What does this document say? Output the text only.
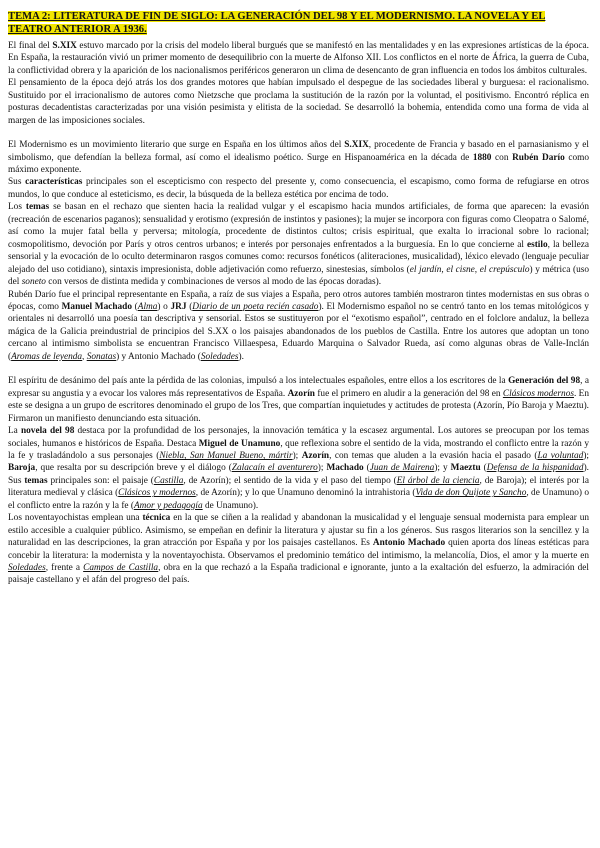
TEMA 2: LITERATURA DE FIN DE SIGLO: LA GENERACIÓN DEL 98 Y EL MODERNISMO. LA NOVELA Y EL TEATRO ANTERIOR A 1936.

El final del S.XIX estuvo marcado por la crisis del modelo liberal burgués que se manifestó en las mentalidades y en las expresiones artísticas de la época. En España, la restauración vivió un primer momento de desequilibrio con la muerte de Alfonso XII. Los conflictos en el norte de África, la guerra de Cuba, la conflictividad obrera y la aparición de los nacionalismos periféricos generaron un clima de desencanto de gran influencia en todos los ámbitos culturales.

El pensamiento de la época dejó atrás los dos grandes motores que habían impulsado el despegue de las sociedades liberal y burguesa: el racionalismo. Sustituido por el irracionalismo de autores como Nietzsche que proclama la sustitución de la razón por la voluntad, el positivismo. Encontró réplica en posturas decadentistas caracterizadas por una visión pesimista y elitista de la sociedad. Se desarrolló la bohemia, entendida como una forma de vida al margen de las imposiciones sociales.

El Modernismo es un movimiento literario que surge en España en los últimos años del S.XIX, procedente de Francia y basado en el parnasianismo y el simbolismo, que defendían la belleza formal, así como el idealismo poético. Surge en Hispanoamérica en la década de 1880 con Rubén Darío como máximo exponente.

Sus características principales son el escepticismo con respecto del presente y, como consecuencia, el escapismo, como forma de refugiarse en otros mundos, lo que conduce al esteticismo, es decir, la búsqueda de la belleza estética por encima de todo.

Los temas se basan en el rechazo que sienten hacia la realidad vulgar y el escapismo hacia mundos artificiales, de forma que aparecen: la evasión (recreación de escenarios paganos); sensualidad y erotismo (expresión de instintos y pasiones); la mujer se incorpora con figuras como Cleopatra o Salomé, así como la mujer fatal bella y perversa; mitología, procedente de distintos cultos; crisis espiritual, que exalta lo irracional sobre lo racional; cosmopolitismo, devoción por París y otros centros urbanos; e interés por personajes enfrentados a la burguesía. En lo que concierne al estilo, la belleza sensorial y la evocación de lo oculto determinaron rasgos comunes como: recursos fonéticos (aliteraciones, musicalidad), léxico elevado (lenguaje peculiar alejado del uso cotidiano), sintaxis impresionista, doble adjetivación como refuerzo, sinestesias, símbolos (el jardín, el cisne, el crepúsculo) y métrica (uso del soneto con versos de distinta medida y combinaciones de versos al modo de las épocas doradas).

Rubén Darío fue el principal representante en España, a raíz de sus viajes a España, pero otros autores también mostraron tintes modernistas en sus obras o épocas, como Manuel Machado (Alma) o JRJ (Diario de un poeta recién casado). El Modernismo español no se centró tanto en los temas mitológicos y orientales ni desarrolló una poesía tan descriptiva y sensorial. Estos se sustituyeron por el “exotismo español”, centrado en el folclore andaluz, la belleza mágica de la Galicia preindustrial de principios del S.XX o los paisajes abandonados de los pueblos de Castilla. Entre los autores que adoptan un tono cercano al intimismo simbolista se encuentran Francisco Villaespesa, Eduardo Marquina o Salvador Rueda, así como algunas obras de Valle-Inclán (Aromas de leyenda, Sonatas) y Antonio Machado (Soledades).

El espíritu de desánimo del país ante la pérdida de las colonias, impulsó a los intelectuales españoles, entre ellos a los escritores de la Generación del 98, a expresar su angustia y a evocar los valores más representativos de España. Azorín fue el primero en aludir a la generación del 98 en Clásicos modernos. En este se designa a un grupo de escritores denominado el grupo de los Tres, que compartían inquietudes y actitudes de protesta (Azorín, Pío Baroja y Maeztu). Firmaron un manifiesto denunciando esta situación.

La novela del 98 destaca por la profundidad de los personajes, la innovación temática y la escasez argumental. Los autores se preocupan por los temas sociales, humanos e históricos de España. Destaca Miguel de Unamuno, que reflexiona sobre el sentido de la vida, mostrando el conflicto entre la razón y la fe y trasladándolo a sus personajes (Niebla, San Manuel Bueno, mártir); Azorín, con temas que aluden a la evasión hacia el pasado (La voluntad); Baroja, que resalta por su descripción breve y el diálogo (Zalacaín el aventurero); Machado (Juan de Mairena); y Maeztu (Defensa de la hispanidad). Sus temas principales son: el paisaje (Castilla, de Azorín); el sentido de la vida y el paso del tiempo (El árbol de la ciencia, de Baroja); el interés por la literatura medieval y clásica (Clásicos y modernos, de Azorín); y lo que Unamuno denominó la intrahistoria (Vida de don Quijote y Sancho, de Unamuno) o el conflicto entre la razón y la fe (Amor y pedagogía de Unamuno).

Los noventayochistas emplean una técnica en la que se ciñen a la realidad y abandonan la musicalidad y el lenguaje sensual modernista para emplear un estilo accesible a cualquier público. Asimismo, se empeñan en definir la literatura y ajustar su fin a los géneros. Sus rasgos literarios son la sencillez y la naturalidad en las descripciones, la gran atracción por España y por los paisajes castellanos. Es Antonio Machado quien aporta dos líneas estéticas para concebir la literatura: la modernista y la noventayochista. Observamos el predominio temático del intimismo, la melancolía, Dios, el amor y la muerte en Soledades, frente a Campos de Castilla, obra en la que rechazó a la España tradicional e ignorante, junto a la exaltación del esfuerzo, la admiración del paisaje castellano y el afán del progreso del país.
